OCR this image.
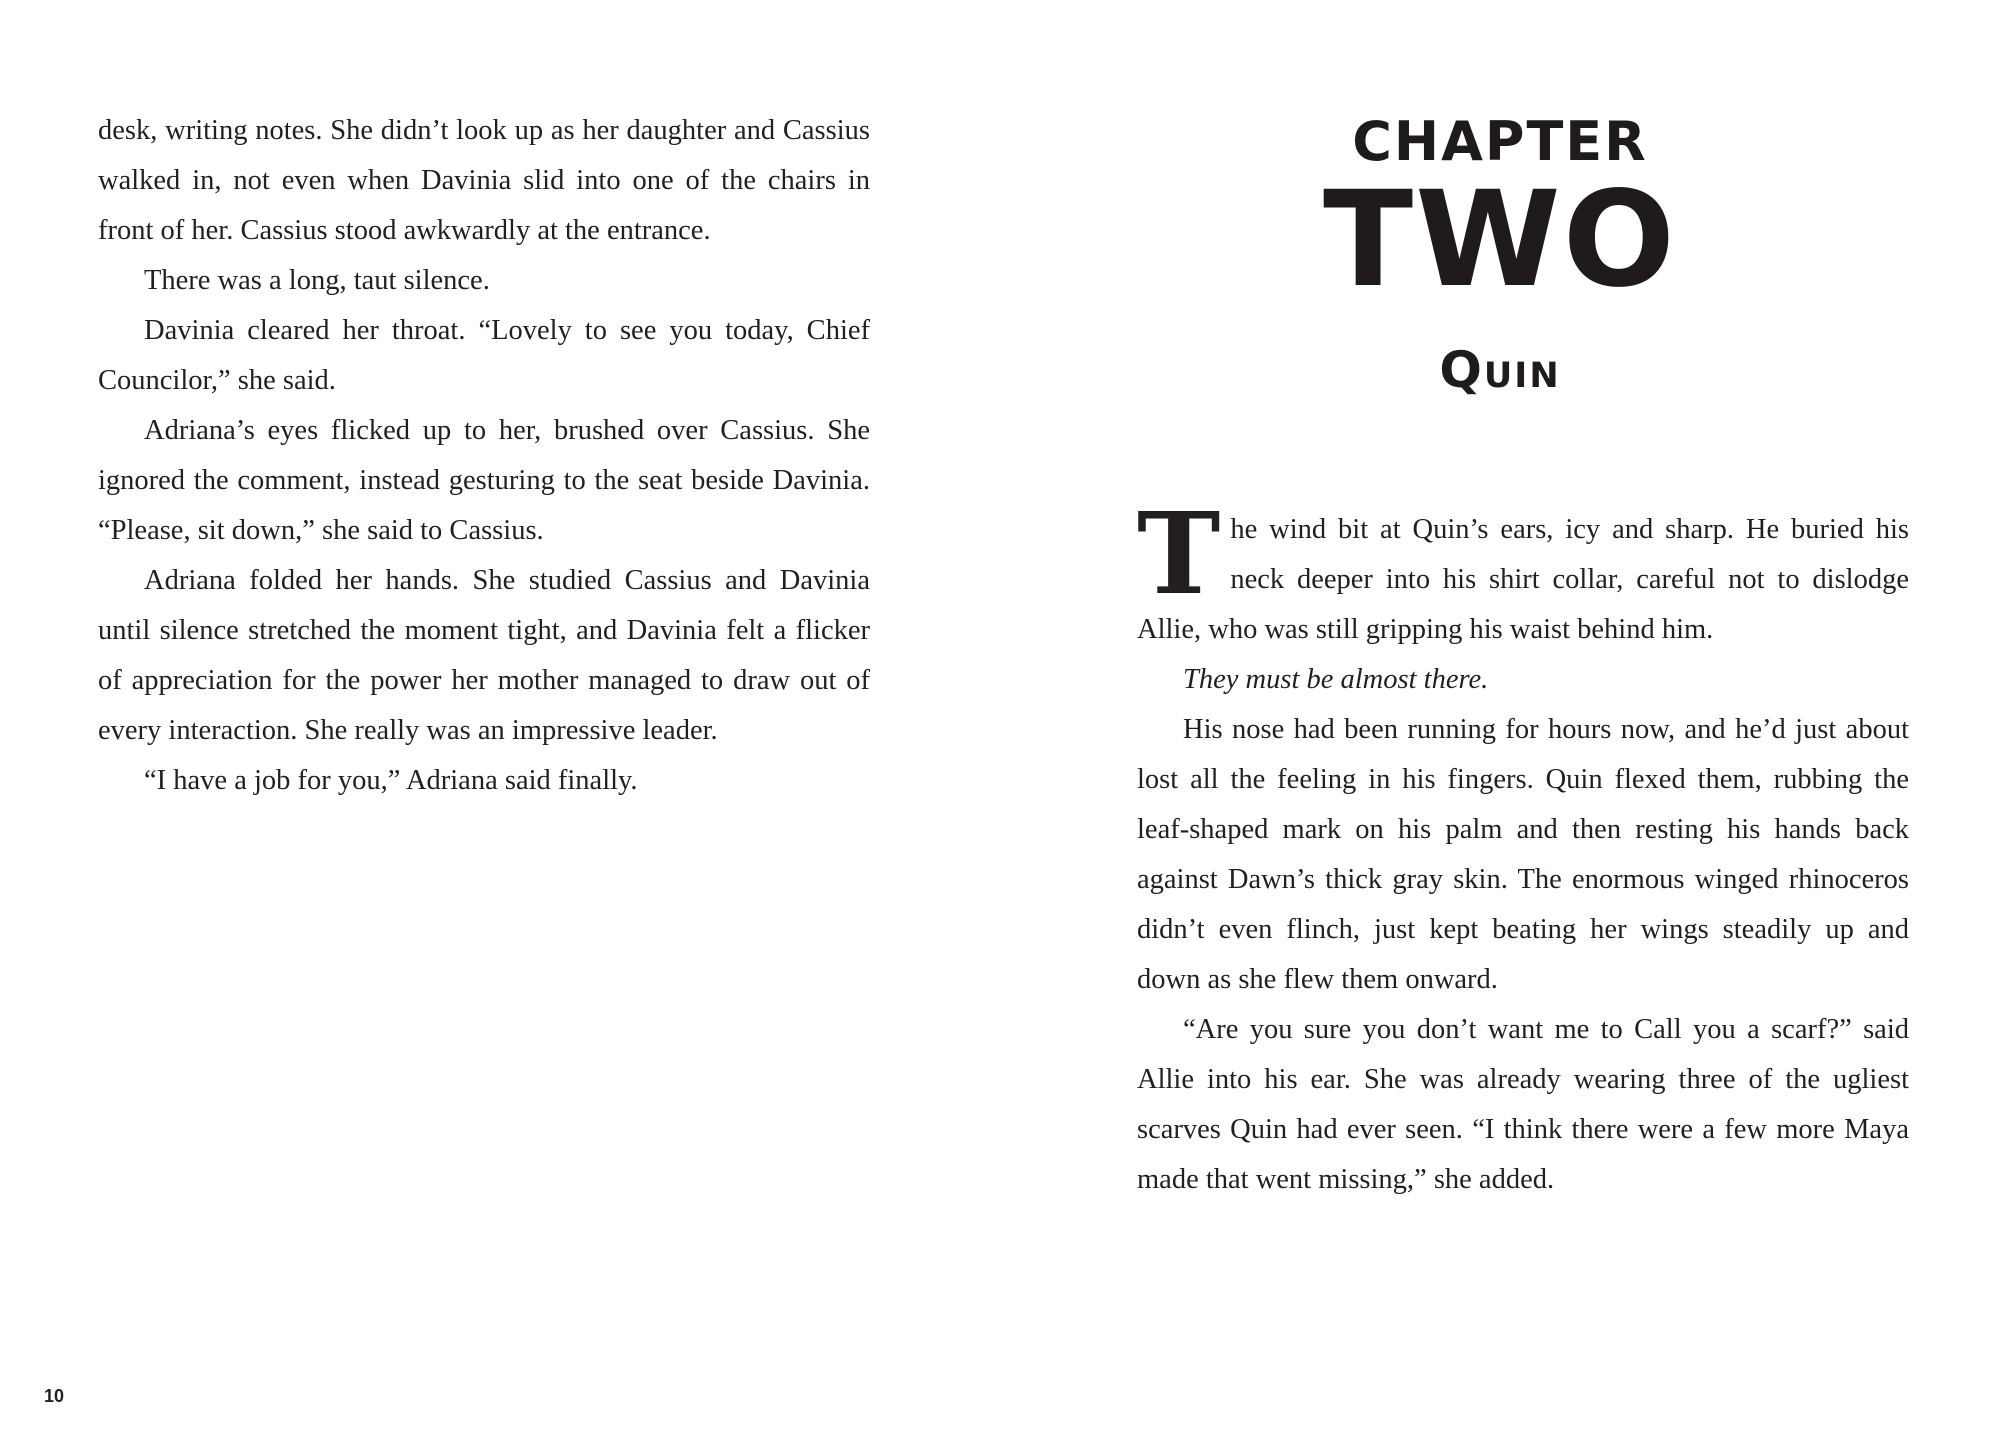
desk, writing notes. She didn’t look up as her daughter and Cassius walked in, not even when Davinia slid into one of the chairs in front of her. Cassius stood awkwardly at the entrance.

There was a long, taut silence.

Davinia cleared her throat. “Lovely to see you today, Chief Councilor,” she said.

Adriana’s eyes flicked up to her, brushed over Cassius. She ignored the comment, instead gesturing to the seat beside Davinia. “Please, sit down,” she said to Cassius.

Adriana folded her hands. She studied Cassius and Davinia until silence stretched the moment tight, and Davinia felt a flicker of appreciation for the power her mother managed to draw out of every interaction. She really was an impressive leader.

“I have a job for you,” Adriana said finally.

10
CHAPTER
TWO
Quin

The wind bit at Quin’s ears, icy and sharp. He buried his neck deeper into his shirt collar, careful not to dislodge Allie, who was still gripping his waist behind him.

They must be almost there.

His nose had been running for hours now, and he’d just about lost all the feeling in his fingers. Quin flexed them, rubbing the leaf-shaped mark on his palm and then resting his hands back against Dawn’s thick gray skin. The enormous winged rhinoceros didn’t even flinch, just kept beating her wings steadily up and down as she flew them onward.

“Are you sure you don’t want me to Call you a scarf?” said Allie into his ear. She was already wearing three of the ugliest scarves Quin had ever seen. “I think there were a few more Maya made that went missing,” she added.
